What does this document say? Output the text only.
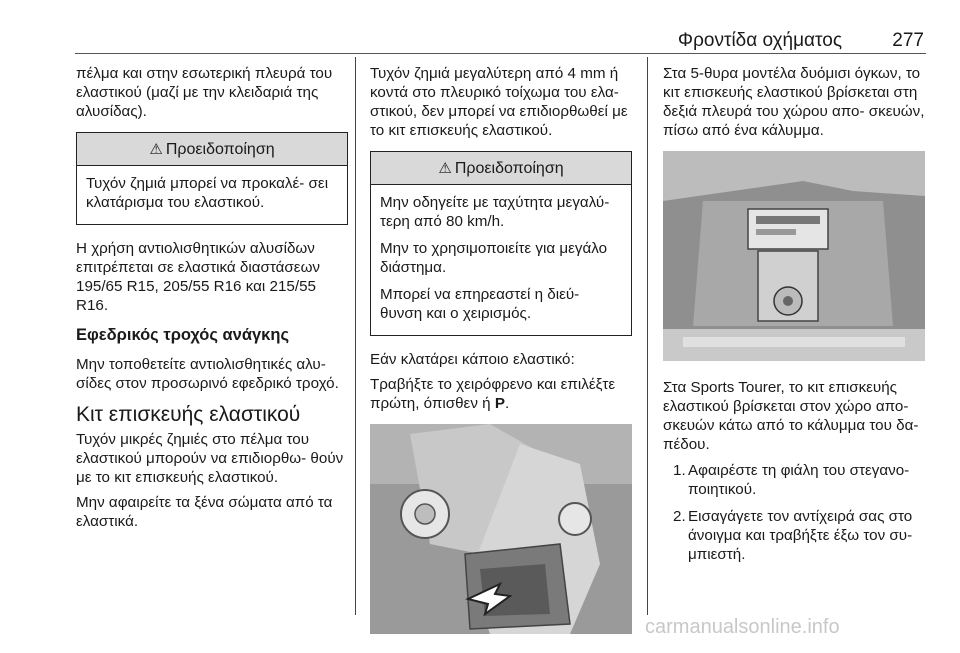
Φροντίδα οχήματος	277

πέλμα και στην εσωτερική πλευρά του ελαστικού (μαζί με την κλειδαριά της αλυσίδας).

⚠ Προειδοποίηση

Τυχόν ζημιά μπορεί να προκαλέ‐ σει κλατάρισμα του ελαστικού.

Η χρήση αντιολισθητικών αλυσίδων επιτρέπεται σε ελαστικά διαστάσεων 195/65 R15, 205/55 R16 και 215/55 R16.

Εφεδρικός τροχός ανάγκης

Μην τοποθετείτε αντιολισθητικές αλυ‐ σίδες στον προσωρινό εφεδρικό τροχό.

Κιτ επισκευής ελαστικού

Τυχόν μικρές ζημιές στο πέλμα του ελαστικού μπορούν να επιδιορθω‐ θούν με το κιτ επισκευής ελαστικού.

Μην αφαιρείτε τα ξένα σώματα από τα ελαστικά.

Τυχόν ζημιά μεγαλύτερη από 4 mm ή κοντά στο πλευρικό τοίχωμα του ελα‐ στικού, δεν μπορεί να επιδιορθωθεί με το κιτ επισκευής ελαστικού.

⚠ Προειδοποίηση

Μην οδηγείτε με ταχύτητα μεγαλύ‐ τερη από 80 km/h.

Μην το χρησιμοποιείτε για μεγάλο διάστημα.

Μπορεί να επηρεαστεί η διεύ‐ θυνση και ο χειρισμός.

Εάν κλατάρει κάποιο ελαστικό:

Τραβήξτε το χειρόφρενο και επιλέξτε πρώτη, όπισθεν ή P.

Στα 5-θυρα μοντέλα δυόμισι όγκων, το κιτ επισκευής ελαστικού βρίσκεται στη δεξιά πλευρά του χώρου απο‐ σκευών, πίσω από ένα κάλυμμα.

Στα Sports Tourer, το κιτ επισκευής ελαστικού βρίσκεται στον χώρο απο‐ σκευών κάτω από το κάλυμμα του δα‐ πέδου.

1. Αφαιρέστε τη φιάλη του στεγανο‐ ποιητικού.
2. Εισαγάγετε τον αντίχειρά σας στο άνοιγμα και τραβήξτε έξω τον συ‐ μπιεστή.
carmanualsonline.info
